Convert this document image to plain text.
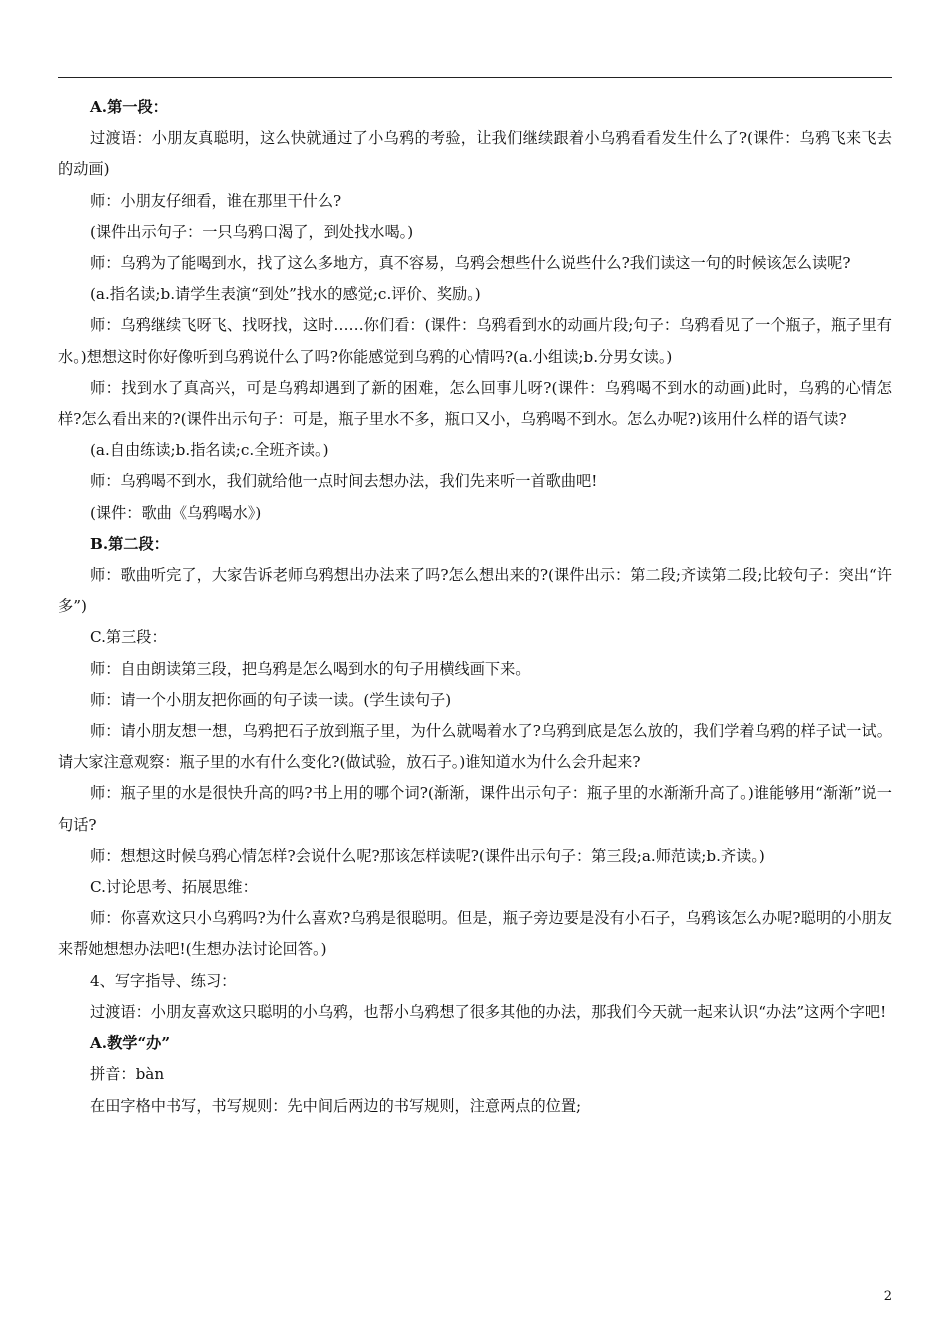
A.第一段：

过渡语：小朋友真聪明，这么快就通过了小乌鸦的考验，让我们继续跟着小乌鸦看看发生什么了?(课件：乌鸦飞来飞去的动画)

师：小朋友仔细看，谁在那里干什么?

(课件出示句子：一只乌鸦口渴了，到处找水喝。)

师：乌鸦为了能喝到水，找了这么多地方，真不容易，乌鸦会想些什么说些什么?我们读这一句的时候该怎么读呢?

(a.指名读;b.请学生表演“到处”找水的感觉;c.评价、奖励。)

师：乌鸦继续飞呀飞、找呀找，这时……你们看：(课件：乌鸦看到水的动画片段;句子：乌鸦看见了一个瓶子，瓶子里有水。)想想这时你好像听到乌鸦说什么了吗?你能感觉到乌鸦的心情吗?(a.小组读;b.分男女读。)

师：找到水了真高兴，可是乌鸦却遇到了新的困难，怎么回事儿呀?(课件：乌鸦喝不到水的动画)此时，乌鸦的心情怎样?怎么看出来的?(课件出示句子：可是，瓶子里水不多，瓶口又小，乌鸦喝不到水。怎么办呢?)该用什么样的语气读?

(a.自由练读;b.指名读;c.全班齐读。)

师：乌鸦喝不到水，我们就给他一点时间去想办法，我们先来听一首歌曲吧!

(课件：歌曲《乌鸦喝水》)

B.第二段：

师：歌曲听完了，大家告诉老师乌鸦想出办法来了吗?怎么想出来的?(课件出示：第二段;齐读第二段;比较句子：突出“许多”)

C.第三段：

师：自由朗读第三段，把乌鸦是怎么喝到水的句子用横线画下来。

师：请一个小朋友把你画的句子读一读。(学生读句子)

师：请小朋友想一想，乌鸦把石子放到瓶子里，为什么就喝着水了?乌鸦到底是怎么放的，我们学着乌鸦的样子试一试。请大家注意观察：瓶子里的水有什么变化?(做试验，放石子。)谁知道水为什么会升起来?

师：瓶子里的水是很快升高的吗?书上用的哪个词?(渐渐，课件出示句子：瓶子里的水渐渐升高了。)谁能够用“渐渐”说一句话?

师：想想这时候乌鸦心情怎样?会说什么呢?那该怎样读呢?(课件出示句子：第三段;a.师范读;b.齐读。)

C.讨论思考、拓展思维：

师：你喜欢这只小乌鸦吗?为什么喜欢?乌鸦是很聪明。但是，瓶子旁边要是没有小石子，乌鸦该怎么办呢?聪明的小朋友来帮她想想办法吧!(生想办法讨论回答。)

4、写字指导、练习：

过渡语：小朋友喜欢这只聪明的小乌鸦，也帮小乌鸦想了很多其他的办法，那我们今天就一起来认识“办法”这两个字吧!

A.教学“办”

拼音：bàn

在田字格中书写，书写规则：先中间后两边的书写规则，注意两点的位置;

2
